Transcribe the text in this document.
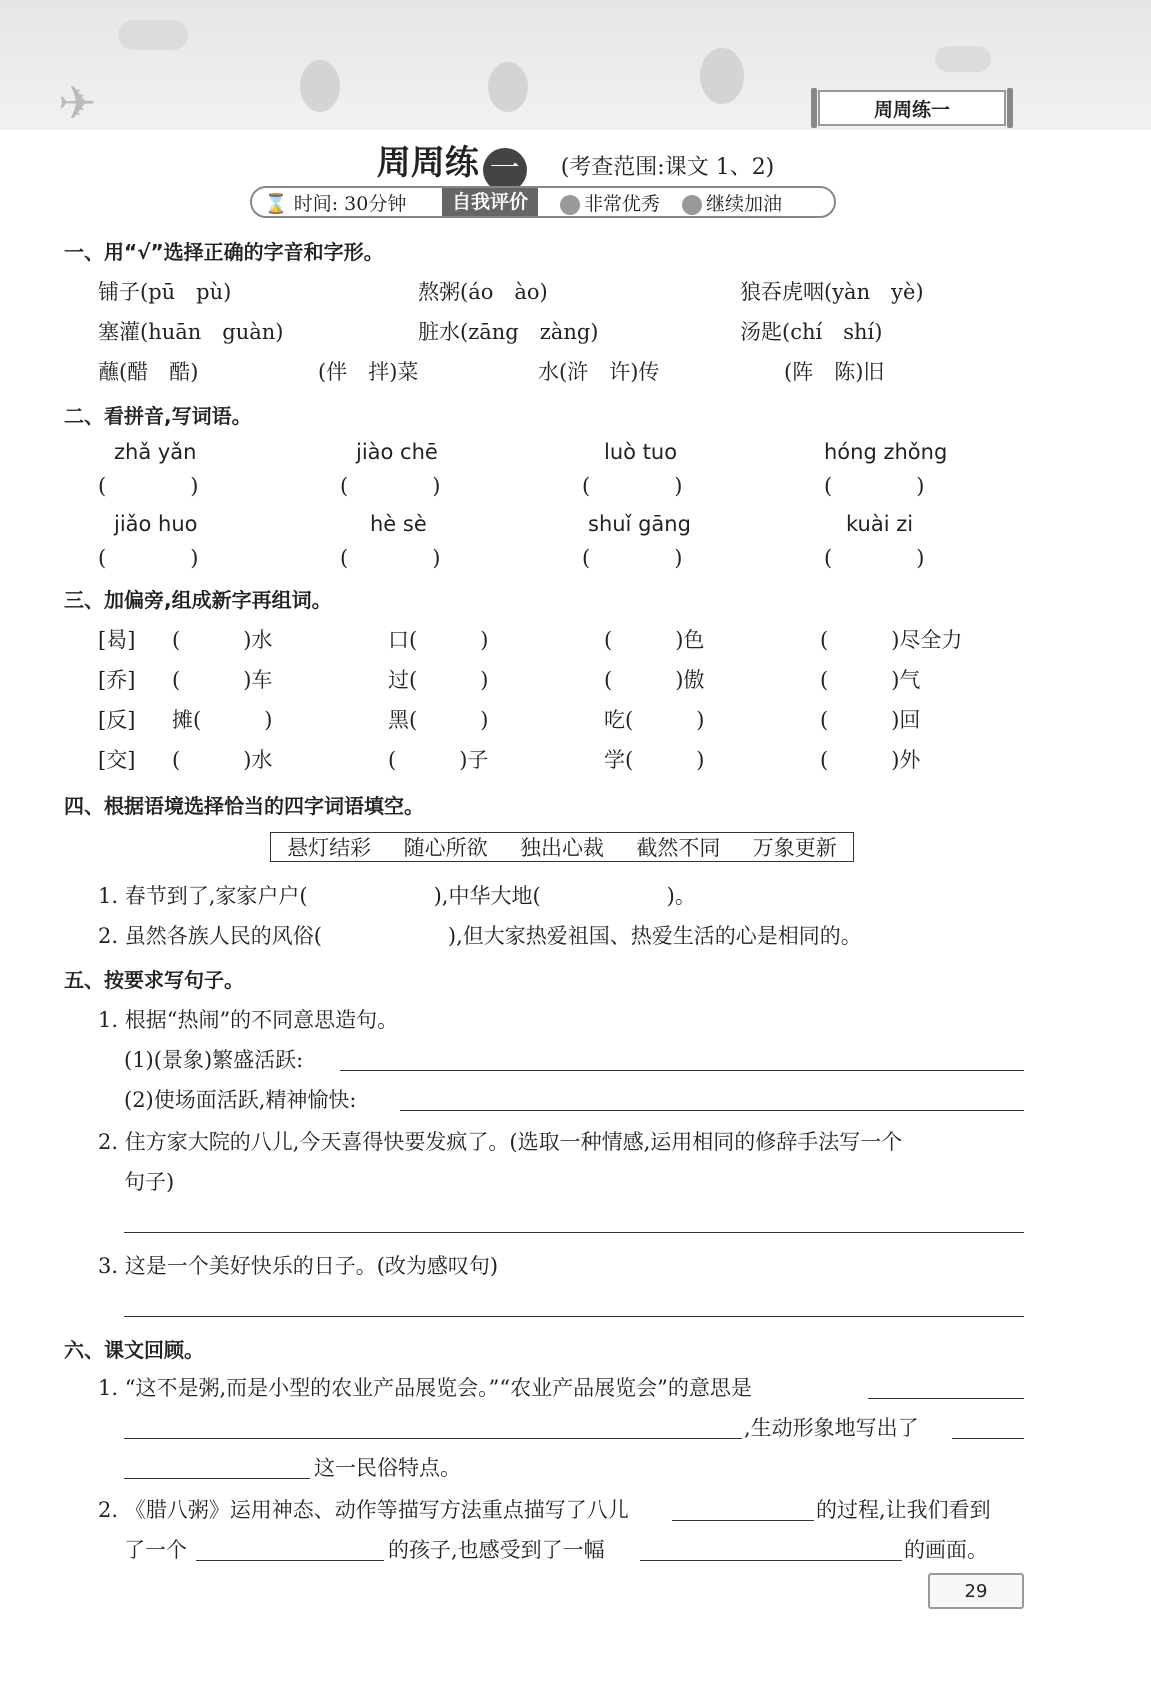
✈	周周练一
周周练 一 (考查范围:课文 1、2)
⌛ 时间: 30分钟	自我评价	非常优秀	继续加油
一、用“√”选择正确的字音和字形。
铺子(pū　pù)	熬粥(áo　ào)	狼吞虎咽(yàn　yè)
塞灌(huān　guàn)	脏水(zāng　zàng)	汤匙(chí　shí)
蘸(醋　酷)	(伴　拌)菜	水(浒　许)传	(阵　陈)旧
二、看拼音,写词语。
zhǎ yǎn	jiào chē	luò tuo	hóng zhǒng
(　　　　)	(　　　　)	(　　　　)	(　　　　)
jiǎo huo	hè sè	shuǐ gāng	kuài zi
(　　　　)	(　　　　)	(　　　　)	(　　　　)
三、加偏旁,组成新字再组词。
[曷] (　　　)水	口(　　　)	(　　　)色	(　　　)尽全力
[乔] (　　　)车	过(　　　)	(　　　)傲	(　　　)气
[反] 摊(　　　)	黑(　　　)	吃(　　　)	(　　　)回
[交] (　　　)水	(　　　)子	学(　　　)	(　　　)外
四、根据语境选择恰当的四字词语填空。
悬灯结彩 随心所欲 独出心裁 截然不同 万象更新
1. 春节到了,家家户户(　　　　　　),中华大地(　　　　　　)。
2. 虽然各族人民的风俗(　　　　　　),但大家热爱祖国、热爱生活的心是相同的。
五、按要求写句子。
1. 根据“热闹”的不同意思造句。
(1)(景象)繁盛活跃:
(2)使场面活跃,精神愉快:
2. 住方家大院的八儿,今天喜得快要发疯了。(选取一种情感,运用相同的修辞手法写一个
句子)
3. 这是一个美好快乐的日子。(改为感叹句)
六、课文回顾。
1. “这不是粥,而是小型的农业产品展览会。”“农业产品展览会”的意思是
,生动形象地写出了
这一民俗特点。
2. 《腊八粥》运用神态、动作等描写方法重点描写了八儿	的过程,让我们看到
了一个	的孩子,也感受到了一幅	的画面。
29
